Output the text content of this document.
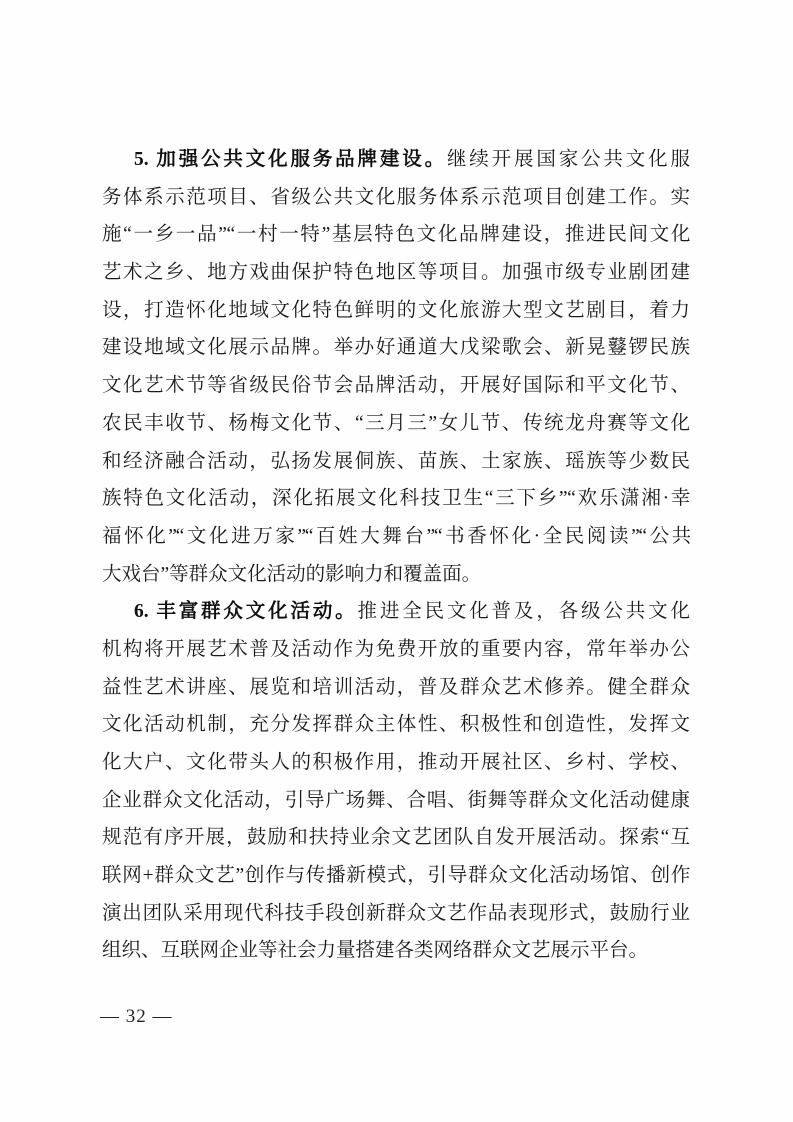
5. 加强公共文化服务品牌建设。继续开展国家公共文化服
务体系示范项目、省级公共文化服务体系示范项目创建工作。实
施“一乡一品”“一村一特”基层特色文化品牌建设，推进民间文化
艺术之乡、地方戏曲保护特色地区等项目。加强市级专业剧团建
设，打造怀化地域文化特色鲜明的文化旅游大型文艺剧目，着力
建设地域文化展示品牌。举办好通道大戊梁歌会、新晃鼟锣民族
文化艺术节等省级民俗节会品牌活动，开展好国际和平文化节、
农民丰收节、杨梅文化节、“三月三”女儿节、传统龙舟赛等文化
和经济融合活动，弘扬发展侗族、苗族、土家族、瑶族等少数民
族特色文化活动，深化拓展文化科技卫生“三下乡”“欢乐潇湘·幸
福怀化”“文化进万家”“百姓大舞台”“书香怀化·全民阅读”“公共
大戏台”等群众文化活动的影响力和覆盖面。
6. 丰富群众文化活动。推进全民文化普及，各级公共文化
机构将开展艺术普及活动作为免费开放的重要内容，常年举办公
益性艺术讲座、展览和培训活动，普及群众艺术修养。健全群众
文化活动机制，充分发挥群众主体性、积极性和创造性，发挥文
化大户、文化带头人的积极作用，推动开展社区、乡村、学校、
企业群众文化活动，引导广场舞、合唱、街舞等群众文化活动健康
规范有序开展，鼓励和扶持业余文艺团队自发开展活动。探索“互
联网+群众文艺”创作与传播新模式，引导群众文化活动场馆、创作
演出团队采用现代科技手段创新群众文艺作品表现形式，鼓励行业
组织、互联网企业等社会力量搭建各类网络群众文艺展示平台。
— 32 —
